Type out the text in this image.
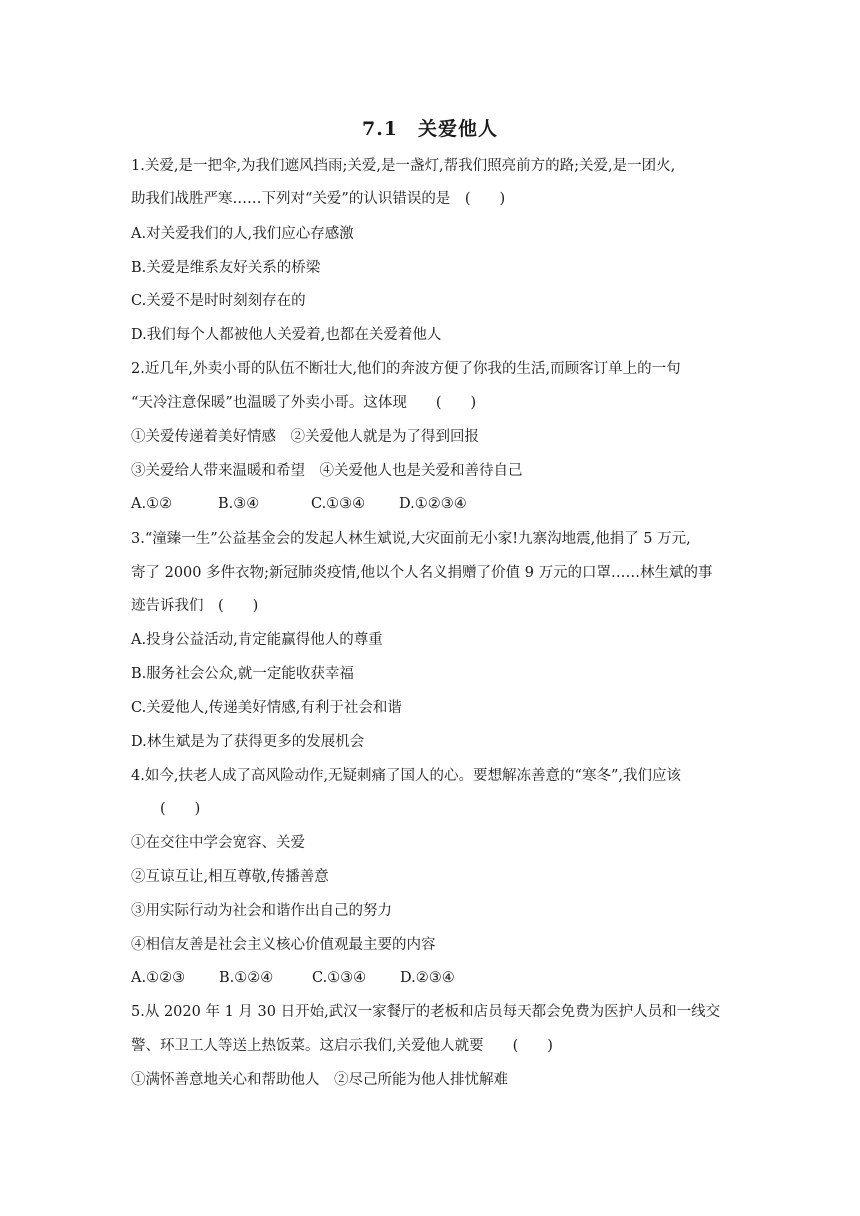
7.1　关爱他人
1.关爱,是一把伞,为我们遮风挡雨;关爱,是一盏灯,帮我们照亮前方的路;关爱,是一团火,
助我们战胜严寒……下列对“关爱”的认识错误的是　(　　)
A.对关爱我们的人,我们应心存感激
B.关爱是维系友好关系的桥梁
C.关爱不是时时刻刻存在的
D.我们每个人都被他人关爱着,也都在关爱着他人
2.近几年,外卖小哥的队伍不断壮大,他们的奔波方便了你我的生活,而顾客订单上的一句
“天冷注意保暖”也温暖了外卖小哥。这体现　　(　　)
①关爱传递着美好情感　②关爱他人就是为了得到回报
③关爱给人带来温暖和希望　④关爱他人也是关爱和善待自己
A.①②	B.③④	C.①③④ D.①②③④
3.“潼臻一生”公益基金会的发起人林生斌说,大灾面前无小家!九寨沟地震,他捐了 5 万元,
寄了 2000 多件衣物;新冠肺炎疫情,他以个人名义捐赠了价值 9 万元的口罩……林生斌的事
迹告诉我们　(　　)
A.投身公益活动,肯定能赢得他人的尊重
B.服务社会公众,就一定能收获幸福
C.关爱他人,传递美好情感,有利于社会和谐
D.林生斌是为了获得更多的发展机会
4.如今,扶老人成了高风险动作,无疑刺痛了国人的心。要想解冻善意的“寒冬”,我们应该
(　　)
①在交往中学会宽容、关爱
②互谅互让,相互尊敬,传播善意
③用实际行动为社会和谐作出自己的努力
④相信友善是社会主义核心价值观最主要的内容
A.①②③ B.①②④	C.①③④ D.②③④
5.从 2020 年 1 月 30 日开始,武汉一家餐厅的老板和店员每天都会免费为医护人员和一线交
警、环卫工人等送上热饭菜。这启示我们,关爱他人就要　　(　　)
①满怀善意地关心和帮助他人　②尽己所能为他人排忧解难
